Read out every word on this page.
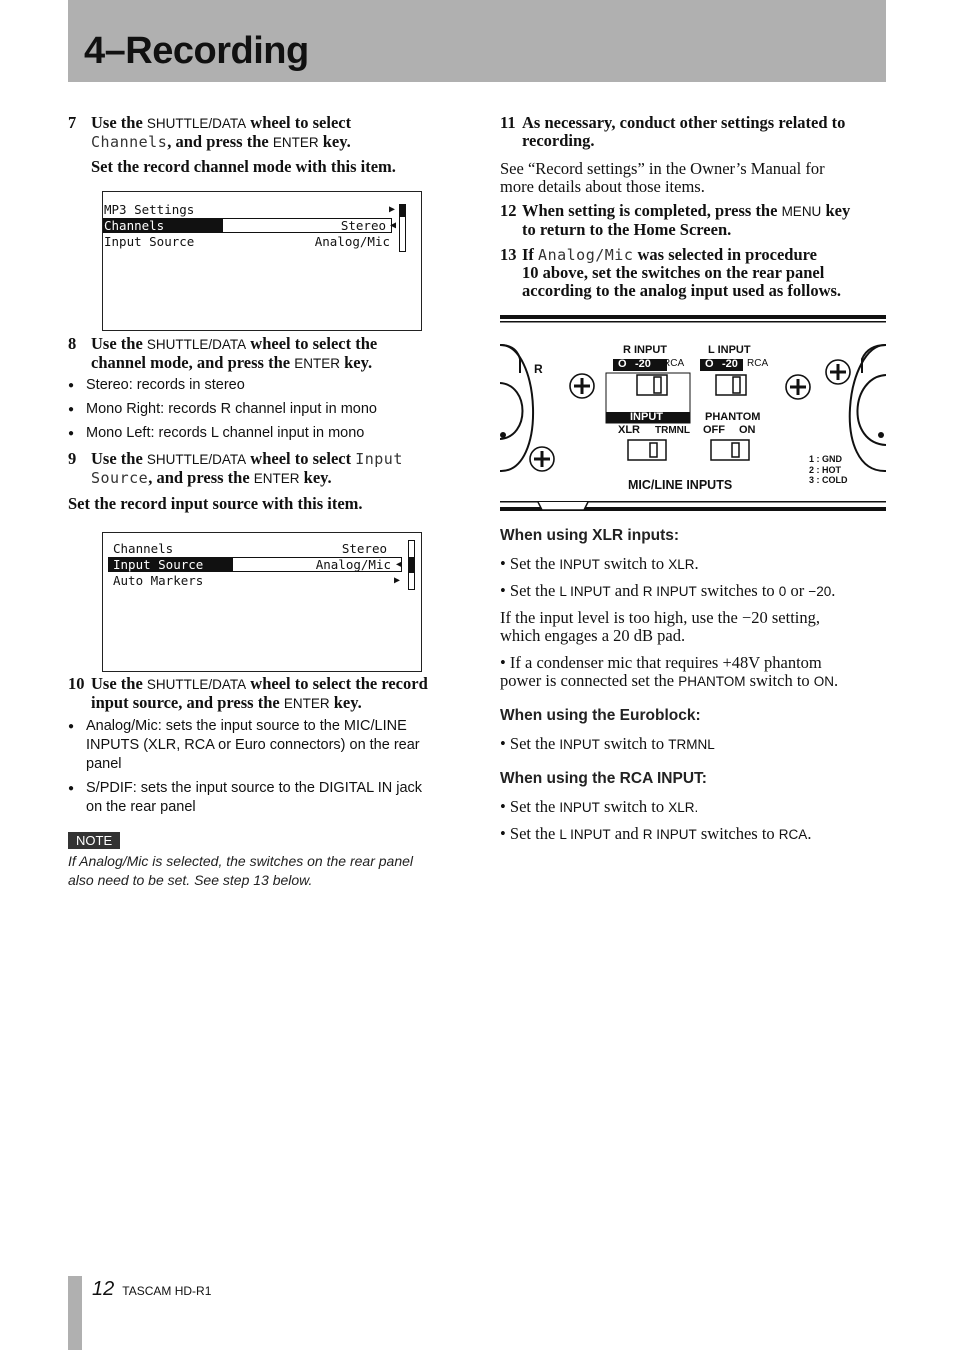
4–Recording
7 Use the SHUTTLE/DATA wheel to select
Channels, and press the ENTER key.
Set the record channel mode with this item.
MP3 Settings	▶
Channels	Stereo ◀
Input Source	Analog/Mic
8 Use the SHUTTLE/DATA wheel to select the
channel mode, and press the ENTER key.
● Stereo: records in stereo
● Mono Right: records R channel input in mono
● Mono Left: records L channel input in mono
9 Use the SHUTTLE/DATA wheel to select Input
Source, and press the ENTER key.
Set the record input source with this item.
Channels	Stereo
Input Source	Analog/Mic ◀
Auto Markers	▶
10 Use the SHUTTLE/DATA wheel to select the record
input source, and press the ENTER key.
● Analog/Mic: sets the input source to the MIC/LINE
INPUTS (XLR, RCA or Euro connectors) on the rear
panel
● S/PDIF: sets the input source to the DIGITAL IN jack
on the rear panel
NOTE
If Analog/Mic is selected, the switches on the rear panel
also need to be set. See step 13 below.
11 As necessary, conduct other settings related to
recording.
See “Record settings” in the Owner’s Manual for
more details about those items.
12 When setting is completed, press the MENU key
to return to the Home Screen.
13 If Analog/Mic was selected in procedure
10 above, set the switches on the rear panel
according to the analog input used as follows.
R INPUT	L INPUT
O -20 RCA O -20 RCA
R
INPUT
XLR TRMNL
PHANTOM
OFF ON
MIC/LINE INPUTS
1 : GND
2 : HOT
3 : COLD
When using XLR inputs:
• Set the INPUT switch to XLR.
• Set the L INPUT and R INPUT switches to 0 or −20.
If the input level is too high, use the −20 setting,
which engages a 20 dB pad.
• If a condenser mic that requires +48V phantom
power is connected set the PHANTOM switch to ON.
When using the Euroblock:
• Set the INPUT switch to TRMNL
When using the RCA INPUT:
• Set the INPUT switch to XLR.
• Set the L INPUT and R INPUT switches to RCA.
12 TASCAM HD-R1
